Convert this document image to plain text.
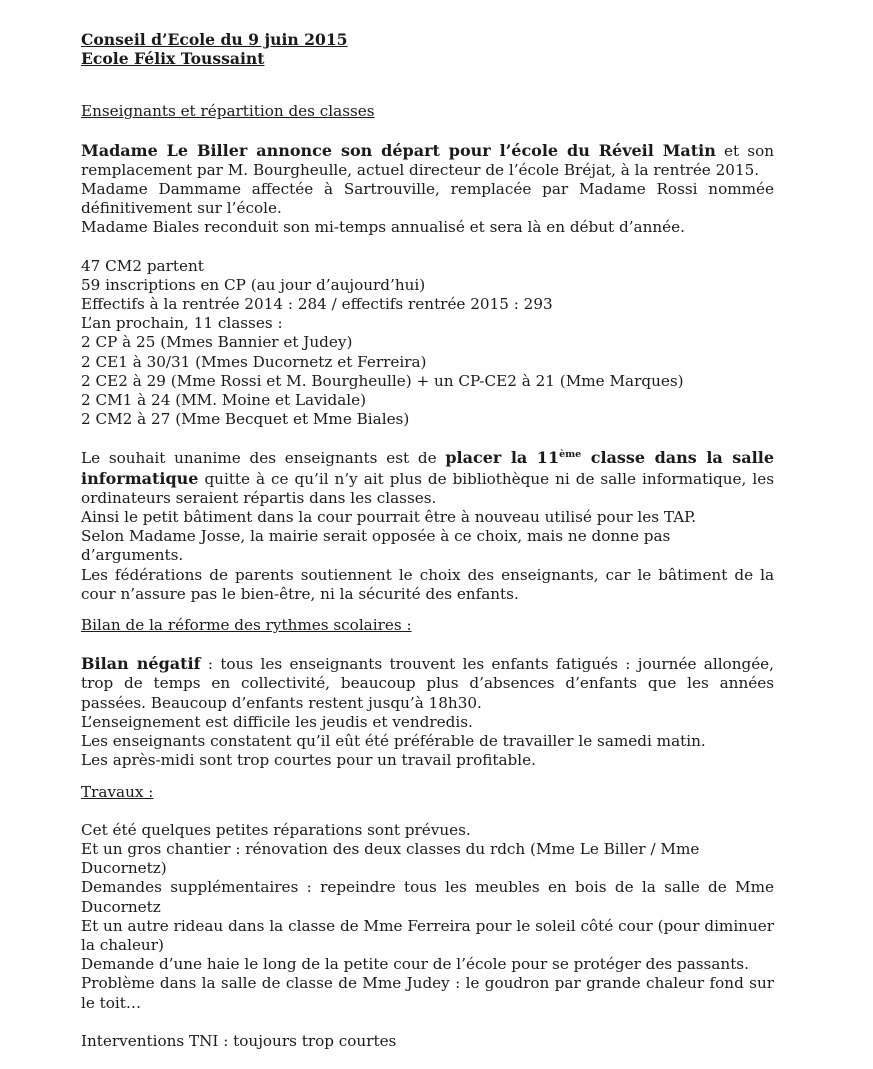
Conseil d’Ecole du 9 juin 2015
Ecole Félix Toussaint
Enseignants et répartition des classes

Madame Le Biller annonce son départ pour l’école du Réveil Matin et son remplacement par M. Bourgheulle, actuel directeur de l’école Bréjat, à la rentrée 2015.

Madame Dammame affectée à Sartrouville, remplacée par Madame Rossi nommée définitivement sur l’école.

Madame Biales reconduit son mi-temps annualisé et sera là en début d’année.

47 CM2 partent
59 inscriptions en CP (au jour d’aujourd’hui)
Effectifs à la rentrée 2014 : 284 / effectifs rentrée 2015 : 293
L’an prochain, 11 classes :
2 CP à 25 (Mmes Bannier et Judey)
2 CE1 à 30/31 (Mmes Ducornetz et Ferreira)
2 CE2 à 29 (Mme Rossi et M. Bourgheulle) + un CP-CE2 à 21 (Mme Marques)
2 CM1 à 24 (MM. Moine et Lavidale)
2 CM2 à 27 (Mme Becquet et Mme Biales)

Le souhait unanime des enseignants est de placer la 11ème classe dans la salle informatique quitte à ce qu’il n’y ait plus de bibliothèque ni de salle informatique, les ordinateurs seraient répartis dans les classes.

Ainsi le petit bâtiment dans la cour pourrait être à nouveau utilisé pour les TAP.

Selon Madame Josse, la mairie serait opposée à ce choix, mais ne donne pas d’arguments.

Les fédérations de parents soutiennent le choix des enseignants, car le bâtiment de la cour n’assure pas le bien-être, ni la sécurité des enfants.

Bilan de la réforme des rythmes scolaires :

Bilan négatif : tous les enseignants trouvent les enfants fatigués : journée allongée, trop de temps en collectivité, beaucoup plus d’absences d’enfants que les années passées. Beaucoup d’enfants restent jusqu’à 18h30.

L’enseignement est difficile les jeudis et vendredis.

Les enseignants constatent qu’il eût été préférable de travailler le samedi matin.

Les après-midi sont trop courtes pour un travail profitable.

Travaux :

Cet été quelques petites réparations sont prévues.

Et un gros chantier : rénovation des deux classes du rdch (Mme Le Biller / Mme Ducornetz)

Demandes supplémentaires : repeindre tous les meubles en bois de la salle de Mme Ducornetz

Et un autre rideau dans la classe de Mme Ferreira pour le soleil côté cour (pour diminuer la chaleur)

Demande d’une haie le long de la petite cour de l’école pour se protéger des passants.

Problème dans la salle de classe de Mme Judey : le goudron par grande chaleur fond sur le toit…

Interventions TNI : toujours trop courtes
